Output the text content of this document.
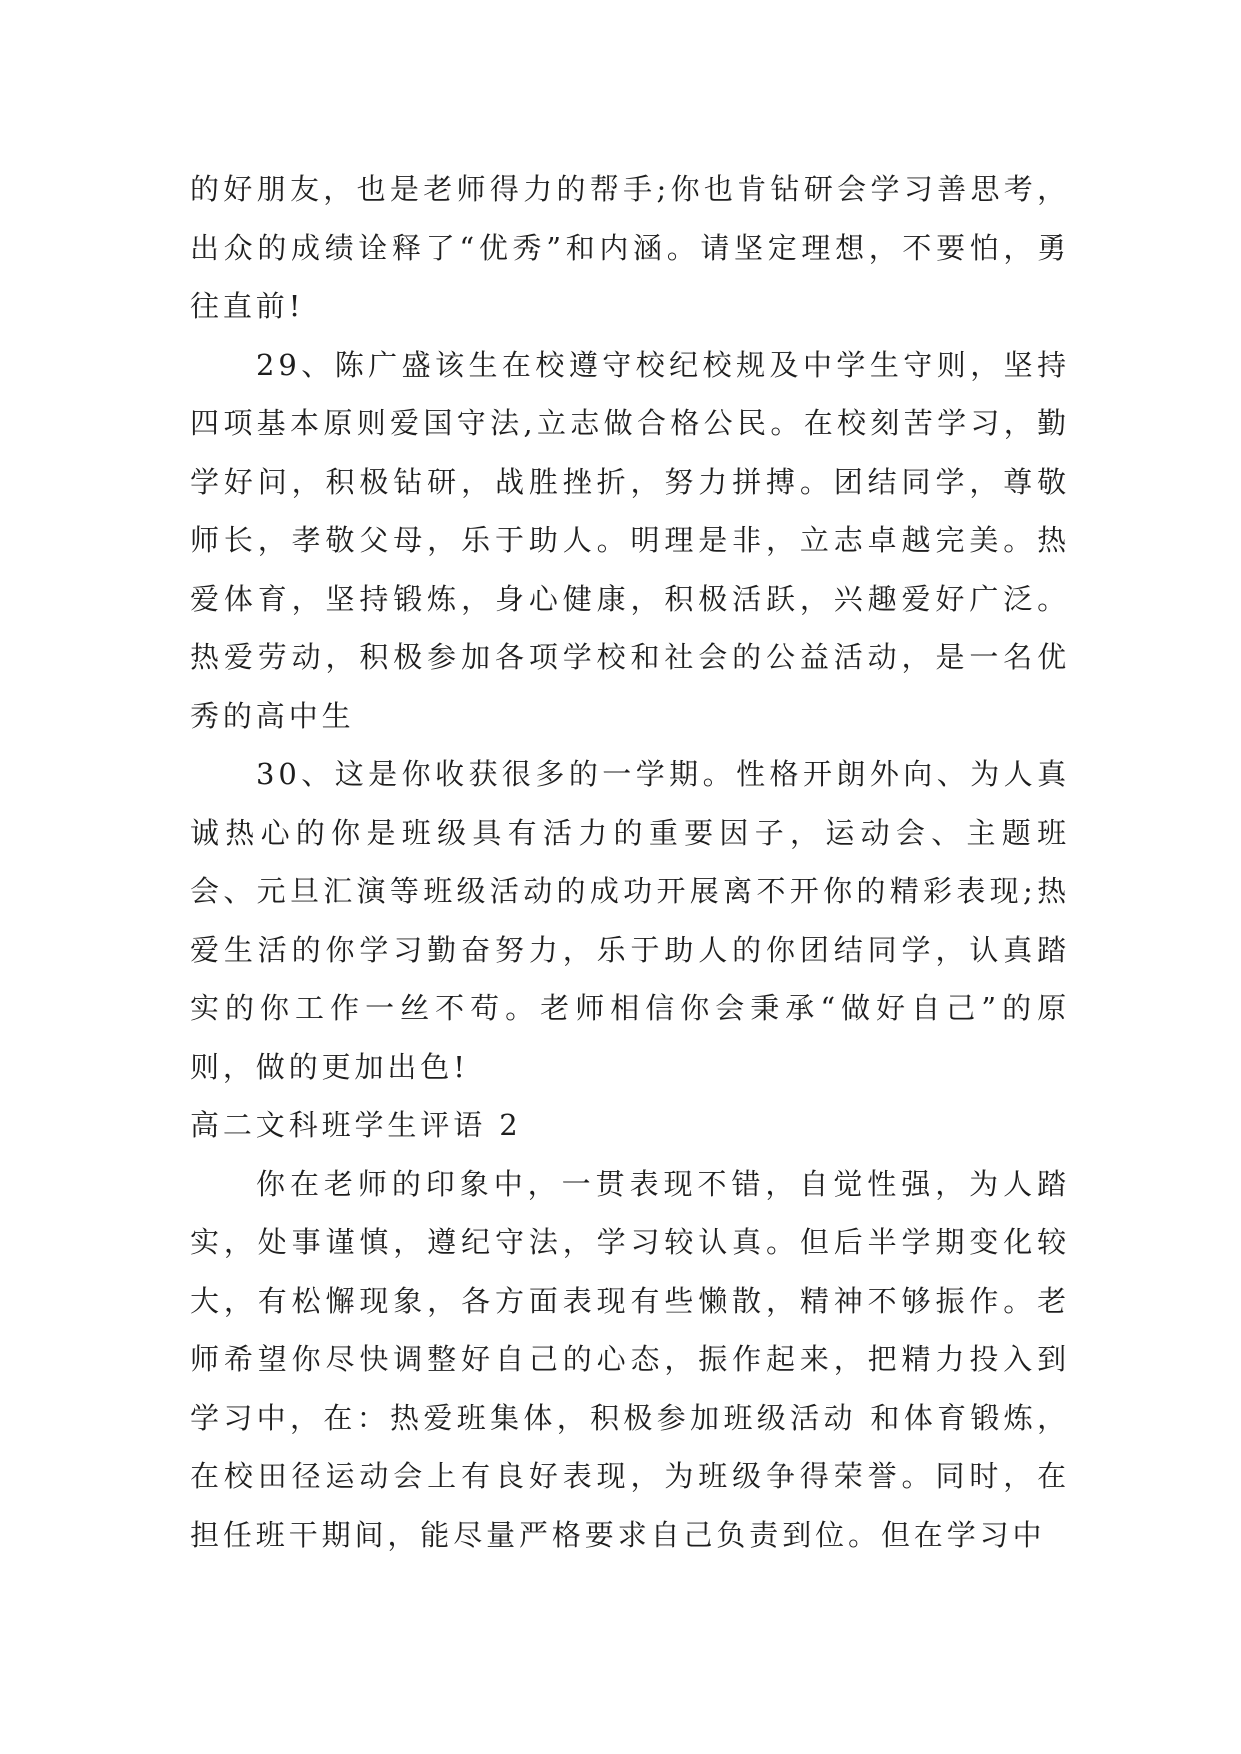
的好朋友，也是老师得力的帮手;你也肯钻研会学习善思考，出众的成绩诠释了“优秀”和内涵。请坚定理想，不要怕，勇往直前!

29、陈广盛该生在校遵守校纪校规及中学生守则，坚持四项基本原则爱国守法,立志做合格公民。在校刻苦学习，勤学好问，积极钻研，战胜挫折，努力拼搏。团结同学，尊敬师长，孝敬父母，乐于助人。明理是非，立志卓越完美。热爱体育，坚持锻炼，身心健康，积极活跃，兴趣爱好广泛。热爱劳动，积极参加各项学校和社会的公益活动，是一名优秀的高中生

30、这是你收获很多的一学期。性格开朗外向、为人真诚热心的你是班级具有活力的重要因子，运动会、主题班会、元旦汇演等班级活动的成功开展离不开你的精彩表现;热爱生活的你学习勤奋努力，乐于助人的你团结同学，认真踏实的你工作一丝不苟。老师相信你会秉承“做好自己”的原则，做的更加出色!

高二文科班学生评语 2

你在老师的印象中，一贯表现不错，自觉性强，为人踏实，处事谨慎，遵纪守法，学习较认真。但后半学期变化较大，有松懈现象，各方面表现有些懒散，精神不够振作。老师希望你尽快调整好自己的心态，振作起来，把精力投入到学习中，在：热爱班集体，积极参加班级活动 和体育锻炼，在校田径运动会上有良好表现，为班级争得荣誉。同时，在担任班干期间，能尽量严格要求自己负责到位。但在学习中
